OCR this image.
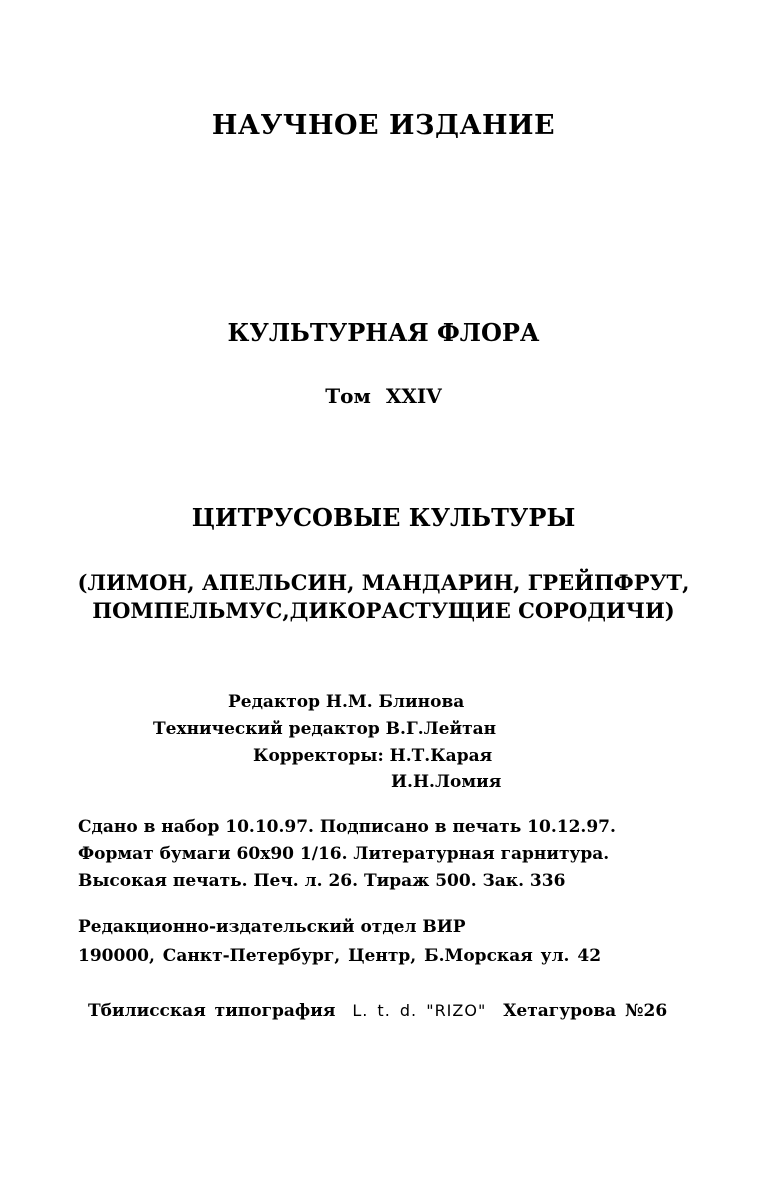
НАУЧНОЕ ИЗДАНИЕ
КУЛЬТУРНАЯ ФЛОРА
Том XXIV
ЦИТРУСОВЫЕ КУЛЬТУРЫ
(ЛИМОН, АПЕЛЬСИН, МАНДАРИН, ГРЕЙПФРУТ,
ПОМПЕЛЬМУС,ДИКОРАСТУЩИЕ СОРОДИЧИ)
Редактор Н.М. Блинова
Технический редактор В.Г.Лейтан
Корректоры: Н.Т.Карая
И.Н.Ломия
Сдано в набор 10.10.97. Подписано в печать 10.12.97.
Формат бумаги 60x90 1/16. Литературная гарнитура.
Высокая печать. Печ. л. 26. Тираж 500. Зак. 336
Редакционно-издательский отдел ВИР
190000, Санкт-Петербург, Центр, Б.Морская ул. 42
Тбилисская типография L. t. d. "RIZO" Хетагурова №26
